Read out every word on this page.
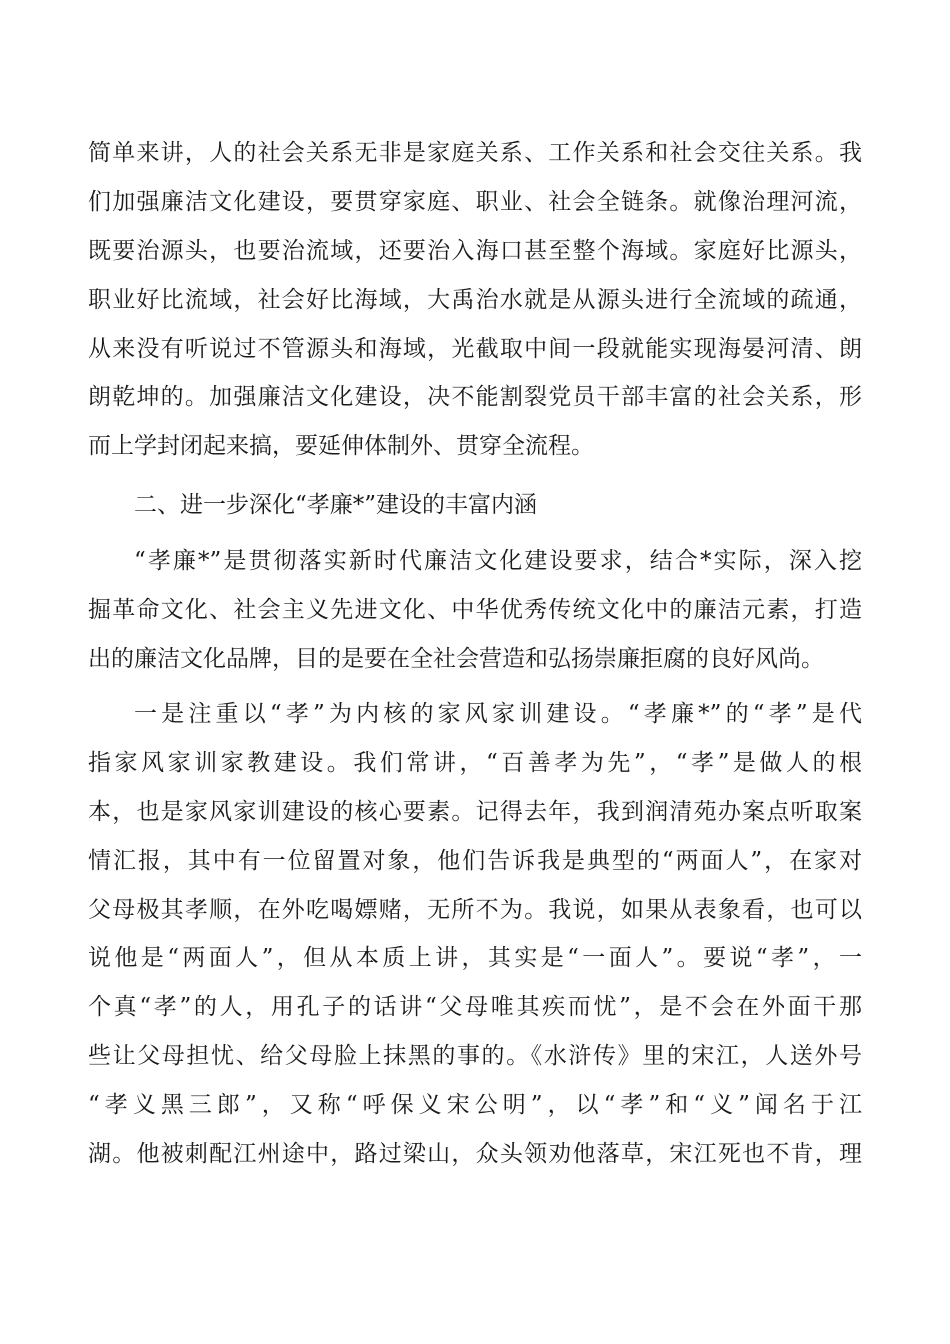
简单来讲，人的社会关系无非是家庭关系、工作关系和社会交往关系。我
们加强廉洁文化建设，要贯穿家庭、职业、社会全链条。就像治理河流，
既要治源头，也要治流域，还要治入海口甚至整个海域。家庭好比源头，
职业好比流域，社会好比海域，大禹治水就是从源头进行全流域的疏通，
从来没有听说过不管源头和海域，光截取中间一段就能实现海晏河清、朗
朗乾坤的。加强廉洁文化建设，决不能割裂党员干部丰富的社会关系，形
而上学封闭起来搞，要延伸体制外、贯穿全流程。
二、进一步深化“孝廉*”建设的丰富内涵
“孝廉*”是贯彻落实新时代廉洁文化建设要求，结合*实际，深入挖
掘革命文化、社会主义先进文化、中华优秀传统文化中的廉洁元素，打造
出的廉洁文化品牌，目的是要在全社会营造和弘扬崇廉拒腐的良好风尚。
一是注重以“孝”为内核的家风家训建设。“孝廉*”的“孝”是代
指家风家训家教建设。我们常讲，“百善孝为先”，“孝”是做人的根
本，也是家风家训建设的核心要素。记得去年，我到润清苑办案点听取案
情汇报，其中有一位留置对象，他们告诉我是典型的“两面人”，在家对
父母极其孝顺，在外吃喝嫖赌，无所不为。我说，如果从表象看，也可以
说他是“两面人”，但从本质上讲，其实是“一面人”。要说“孝”，一
个真“孝”的人，用孔子的话讲“父母唯其疾而忧”，是不会在外面干那
些让父母担忧、给父母脸上抹黑的事的。《水浒传》里的宋江，人送外号
“孝义黑三郎”，又称“呼保义宋公明”，以“孝”和“义”闻名于江
湖。他被刺配江州途中，路过梁山，众头领劝他落草，宋江死也不肯，理
